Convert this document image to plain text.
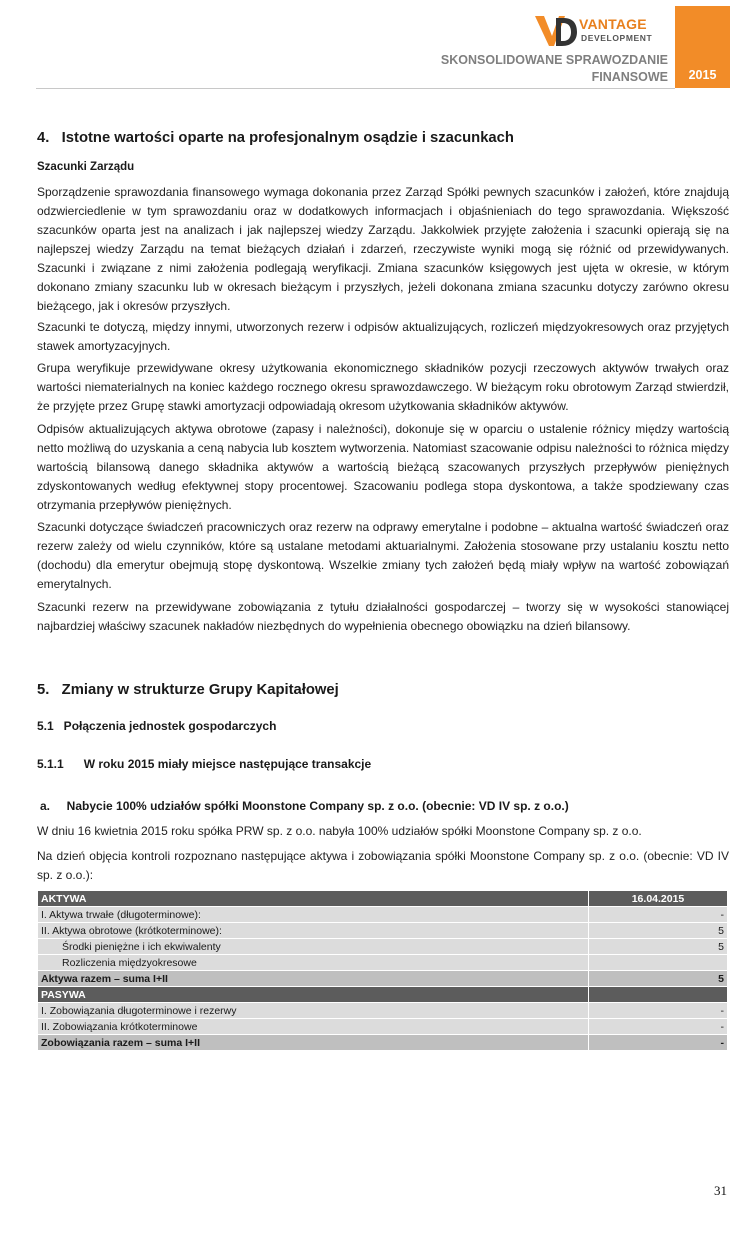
VANTAGE
DEVELOPMENT
SKONSOLIDOWANE SPRAWOZDANIE
FINANSOWE	2015
4.   Istotne wartości oparte na profesjonalnym osądzie i szacunkach
Szacunki Zarządu
Sporządzenie sprawozdania finansowego wymaga dokonania przez Zarząd Spółki pewnych szacunków i założeń, które znajdują odzwierciedlenie w tym sprawozdaniu oraz w dodatkowych informacjach i objaśnieniach do tego sprawozdania. Większość szacunków oparta jest na analizach i jak najlepszej wiedzy Zarządu. Jakkolwiek przyjęte założenia i szacunki opierają się na najlepszej wiedzy Zarządu na temat bieżących działań i zdarzeń, rzeczywiste wyniki mogą się różnić od przewidywanych. Szacunki i związane z nimi założenia podlegają weryfikacji. Zmiana szacunków księgowych jest ujęta w okresie, w którym dokonano zmiany szacunku lub w okresach bieżącym i przyszłych, jeżeli dokonana zmiana szacunku dotyczy zarówno okresu bieżącego, jak i okresów przyszłych.
Szacunki te dotyczą, między innymi, utworzonych rezerw i odpisów aktualizujących, rozliczeń międzyokresowych oraz przyjętych stawek amortyzacyjnych.
Grupa weryfikuje przewidywane okresy użytkowania ekonomicznego składników pozycji rzeczowych aktywów trwałych oraz wartości niematerialnych na koniec każdego rocznego okresu sprawozdawczego. W bieżącym roku obrotowym Zarząd stwierdził, że przyjęte przez Grupę stawki amortyzacji odpowiadają okresom użytkowania składników aktywów.
Odpisów aktualizujących aktywa obrotowe (zapasy i należności), dokonuje się w oparciu o ustalenie różnicy między wartością netto możliwą do uzyskania a ceną nabycia lub kosztem wytworzenia. Natomiast szacowanie odpisu należności to różnica między wartością bilansową danego składnika aktywów a wartością bieżącą szacowanych przyszłych przepływów pieniężnych zdyskontowanych według efektywnej stopy procentowej. Szacowaniu podlega stopa dyskontowa, a także spodziewany czas otrzymania przepływów pieniężnych.
Szacunki dotyczące świadczeń pracowniczych oraz rezerw na odprawy emerytalne i podobne – aktualna wartość świadczeń oraz rezerw zależy od wielu czynników, które są ustalane metodami aktuarialnymi. Założenia stosowane przy ustalaniu kosztu netto (dochodu) dla emerytur obejmują stopę dyskontową. Wszelkie zmiany tych założeń będą miały wpływ na wartość zobowiązań emerytalnych.
Szacunki rezerw na przewidywane zobowiązania z tytułu działalności gospodarczej – tworzy się w wysokości stanowiącej najbardziej właściwy szacunek nakładów niezbędnych do wypełnienia obecnego obowiązku na dzień bilansowy.
5.   Zmiany w strukturze Grupy Kapitałowej
5.1   Połączenia jednostek gospodarczych
5.1.1      W roku 2015 miały miejsce następujące transakcje
a.     Nabycie 100% udziałów spółki Moonstone Company sp. z o.o. (obecnie: VD IV sp. z o.o.)
W dniu 16 kwietnia 2015 roku spółka PRW sp. z o.o. nabyła 100% udziałów spółki Moonstone Company sp. z o.o.
Na dzień objęcia kontroli rozpoznano następujące aktywa i zobowiązania spółki Moonstone Company sp. z o.o. (obecnie: VD IV sp. z o.o.):
AKTYWA	16.04.2015
I. Aktywa trwałe (długoterminowe):	-
II. Aktywa obrotowe (krótkoterminowe):	5
Środki pieniężne i ich ekwiwalenty	5
Rozliczenia międzyokresowe	
Aktywa razem – suma I+II	5
PASYWA	
I. Zobowiązania długoterminowe i rezerwy	-
II. Zobowiązania krótkoterminowe	-
Zobowiązania razem – suma I+II	-
31
